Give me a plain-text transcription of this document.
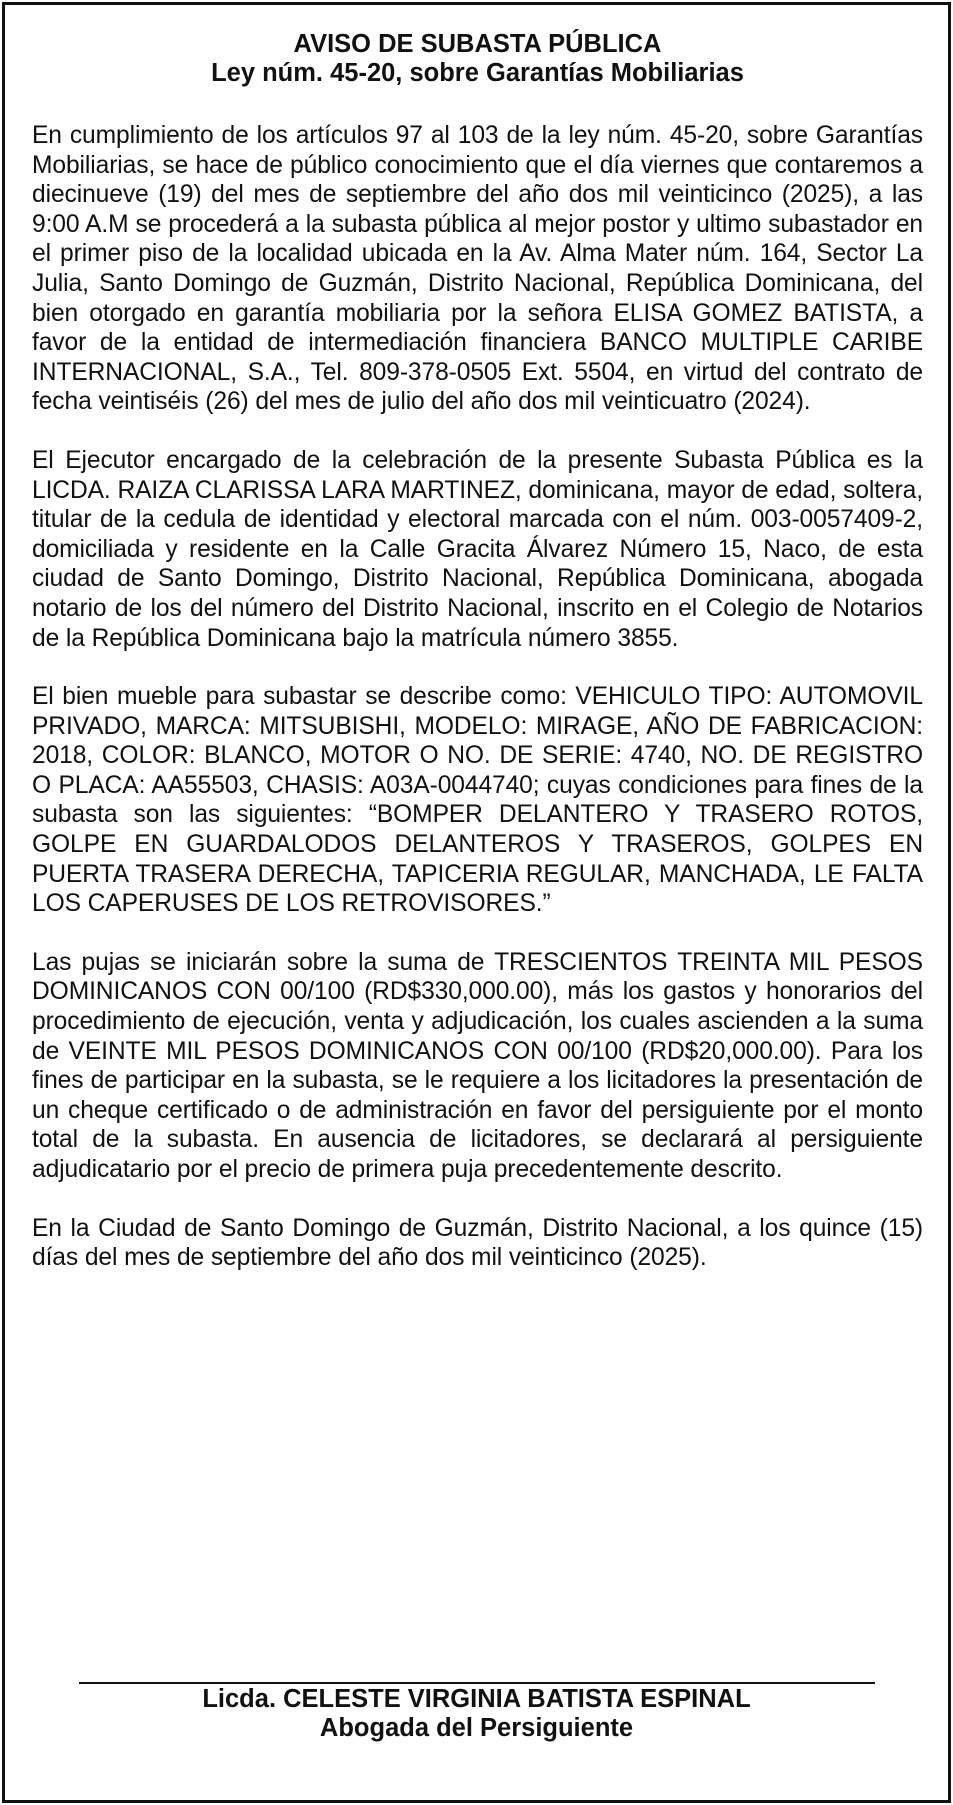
AVISO DE SUBASTA PÚBLICA
Ley núm. 45-20, sobre Garantías Mobiliarias

En cumplimiento de los artículos 97 al 103 de la ley núm. 45-20, sobre Garantías Mobiliarias, se hace de público conocimiento que el día viernes que contaremos a diecinueve (19) del mes de septiembre del año dos mil veinticinco (2025), a las 9:00 A.M se procederá a la subasta pública al mejor postor y ultimo subastador en el primer piso de la localidad ubicada en la Av. Alma Mater núm. 164, Sector La Julia, Santo Domingo de Guzmán, Distrito Nacional, República Dominicana, del bien otorgado en garantía mobiliaria por la señora ELISA GOMEZ BATISTA, a favor de la entidad de intermediación financiera BANCO MULTIPLE CARIBE INTERNACIONAL, S.A., Tel. 809-378-0505 Ext. 5504, en virtud del contrato de fecha veintiséis (26) del mes de julio del año dos mil veinticuatro (2024).

El Ejecutor encargado de la celebración de la presente Subasta Pública es la LICDA. RAIZA CLARISSA LARA MARTINEZ, dominicana, mayor de edad, soltera, titular de la cedula de identidad y electoral marcada con el núm. 003-0057409-2, domiciliada y residente en la Calle Gracita Álvarez Número 15, Naco, de esta ciudad de Santo Domingo, Distrito Nacional, República Dominicana, abogada notario de los del número del Distrito Nacional, inscrito en el Colegio de Notarios de la República Dominicana bajo la matrícula número 3855.

El bien mueble para subastar se describe como: VEHICULO TIPO: AUTOMOVIL PRIVADO, MARCA: MITSUBISHI, MODELO: MIRAGE, AÑO DE FABRICACION: 2018, COLOR: BLANCO, MOTOR O NO. DE SERIE: 4740, NO. DE REGISTRO O PLACA: AA55503, CHASIS: A03A-0044740; cuyas condiciones para fines de la subasta son las siguientes: “BOMPER DELANTERO Y TRASERO ROTOS, GOLPE EN GUARDALODOS DELANTEROS Y TRASEROS, GOLPES EN PUERTA TRASERA DERECHA, TAPICERIA REGULAR, MANCHADA, LE FALTA LOS CAPERUSES DE LOS RETROVISORES.”

Las pujas se iniciarán sobre la suma de TRESCIENTOS TREINTA MIL PESOS DOMINICANOS CON 00/100 (RD$330,000.00), más los gastos y honorarios del procedimiento de ejecución, venta y adjudicación, los cuales ascienden a la suma de VEINTE MIL PESOS DOMINICANOS CON 00/100 (RD$20,000.00). Para los fines de participar en la subasta, se le requiere a los licitadores la presentación de un cheque certificado o de administración en favor del persiguiente por el monto total de la subasta. En ausencia de licitadores, se declarará al persiguiente adjudicatario por el precio de primera puja precedentemente descrito.

En la Ciudad de Santo Domingo de Guzmán, Distrito Nacional, a los quince (15) días del mes de septiembre del año dos mil veinticinco (2025).

Licda. CELESTE VIRGINIA BATISTA ESPINAL
Abogada del Persiguiente
